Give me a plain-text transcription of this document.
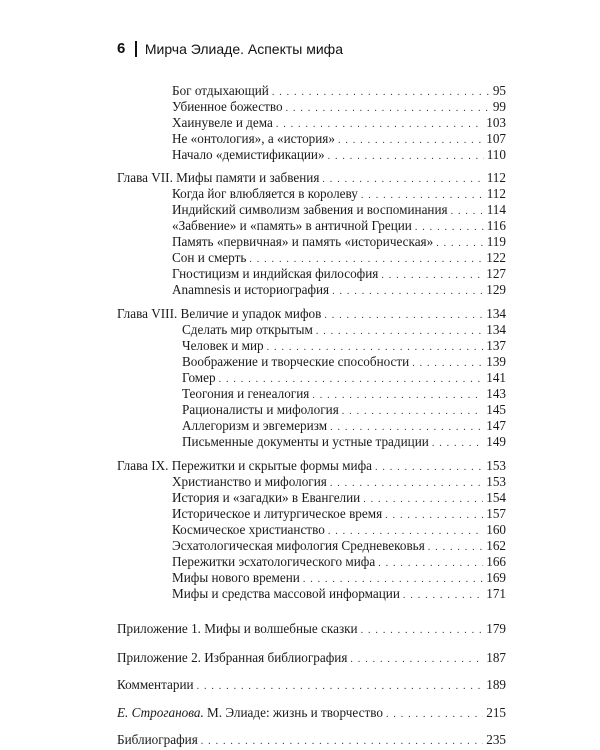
6 Мирча Элиаде. Аспекты мифа
Бог отдыхающий . . .	95
Убиенное божество . . .	99
Хаинувеле и дема . . .	103
Не «онтология», а «история» . . .	107
Начало «демистификации» . . .	110
Глава VII. Мифы памяти и забвения . . .	112
Когда йог влюбляется в королеву . . .	112
Индийский символизм забвения и воспоминания . . .	114
«Забвение» и «память» в античной Греции . . .	116
Память «первичная» и память «историческая» . . .	119
Сон и смерть . . .	122
Гностицизм и индийская философия . . .	127
Anamnesis и историография . . .	129
Глава VIII. Величие и упадок мифов . . .	134
Сделать мир открытым . . .	134
Человек и мир . . .	137
Воображение и творческие способности . . .	139
Гомер . . .	141
Теогония и генеалогия . . .	143
Рационалисты и мифология . . .	145
Аллегоризм и эвгемеризм . . .	147
Письменные документы и устные традиции . . .	149
Глава IX. Пережитки и скрытые формы мифа . . .	153
Христианство и мифология . . .	153
История и «загадки» в Евангелии . . .	154
Историческое и литургическое время . . .	157
Космическое христианство . . .	160
Эсхатологическая мифология Средневековья . . .	162
Пережитки эсхатологического мифа . . .	166
Мифы нового времени . . .	169
Мифы и средства массовой информации . . .	171
Приложение 1. Мифы и волшебные сказки . . .	179
Приложение 2. Избранная библиография . . .	187
Комментарии . . .	189
Е. Строганова. М. Элиаде: жизнь и творчество . . .	215
Библиография . . .	235
